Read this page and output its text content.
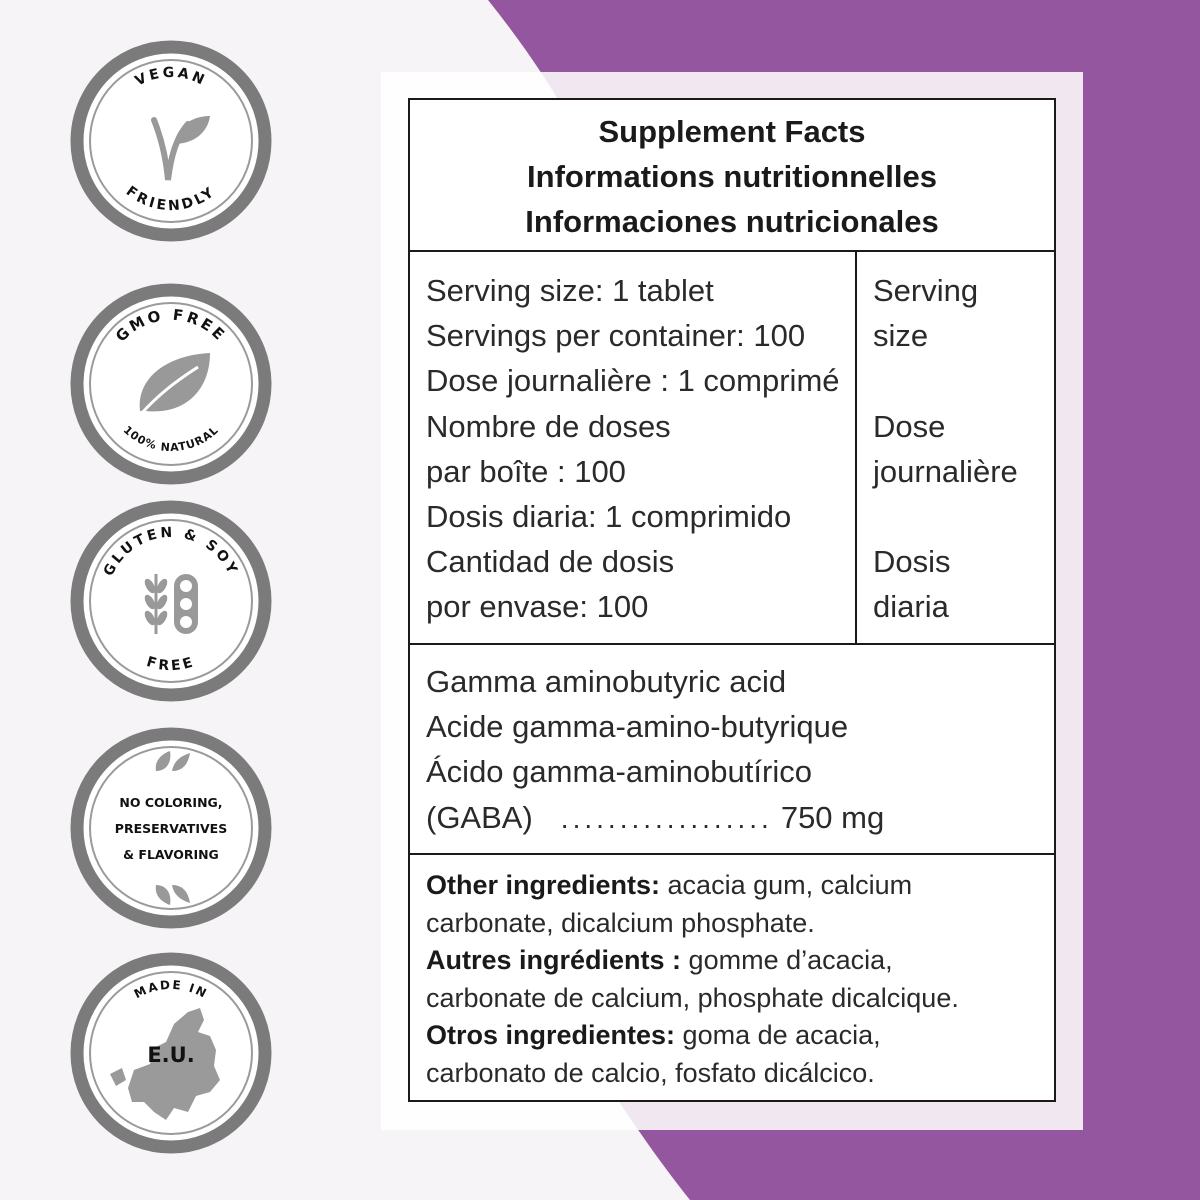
VEGAN
FRIENDLY
GMO FREE
100% NATURAL
GLUTEN & SOY
FREE
NO COLORING,
PRESERVATIVES
& FLAVORING
MADE IN
E.U.
Supplement Facts
Informations nutritionnelles
Informaciones nutricionales
Serving size: 1 tablet
Servings per container: 100
Dose journalière : 1 comprimé
Nombre de doses
par boîte : 100
Dosis diaria: 1 comprimido
Cantidad de dosis
por envase: 100
Serving
size
Dose
journalière
Dosis
diaria
Gamma aminobutyric acid
Acide gamma-amino-butyrique
Ácido gamma-aminobutírico
(GABA) .................. 750 mg
Other ingredients: acacia gum, calcium
carbonate, dicalcium phosphate.
Autres ingrédients : gomme d’acacia,
carbonate de calcium, phosphate dicalcique.
Otros ingredientes: goma de acacia,
carbonato de calcio, fosfato dicálcico.
